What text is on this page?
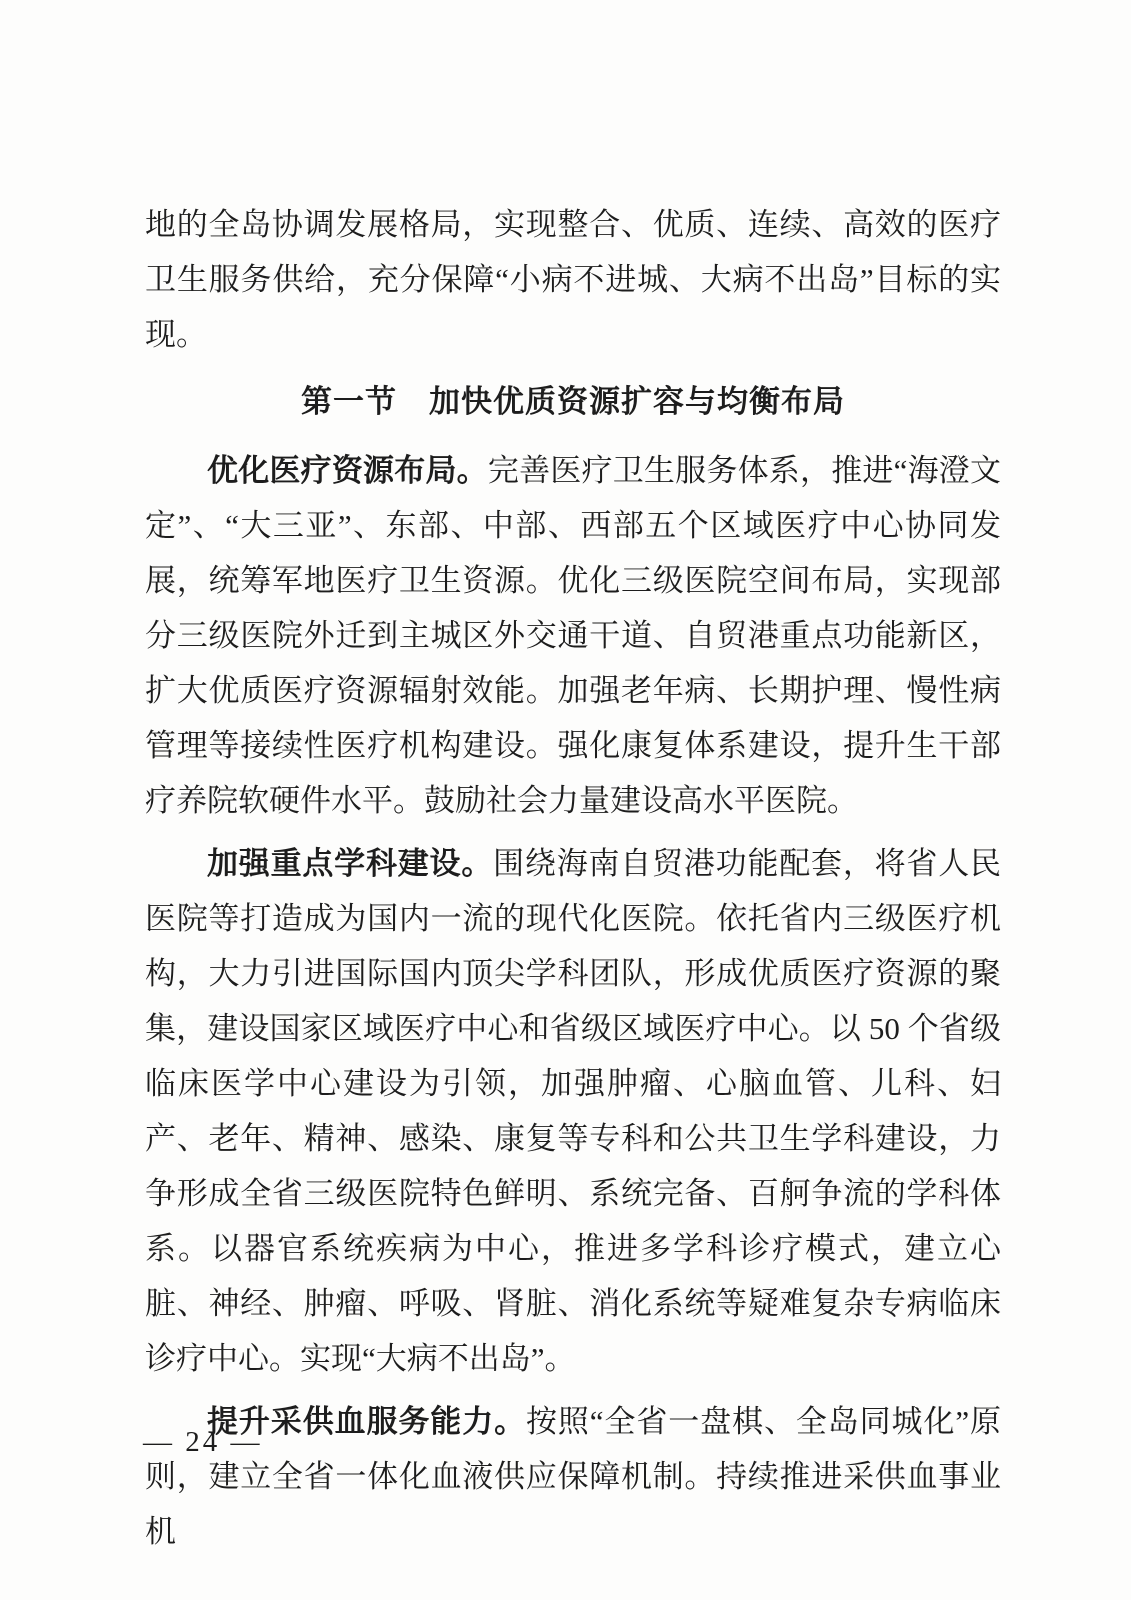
地的全岛协调发展格局，实现整合、优质、连续、高效的医疗卫生服务供给，充分保障“小病不进城、大病不出岛”目标的实现。

第一节　加快优质资源扩容与均衡布局

优化医疗资源布局。完善医疗卫生服务体系，推进“海澄文定”、“大三亚”、东部、中部、西部五个区域医疗中心协同发展，统筹军地医疗卫生资源。优化三级医院空间布局，实现部分三级医院外迁到主城区外交通干道、自贸港重点功能新区，扩大优质医疗资源辐射效能。加强老年病、长期护理、慢性病管理等接续性医疗机构建设。强化康复体系建设，提升生干部疗养院软硬件水平。鼓励社会力量建设高水平医院。

加强重点学科建设。围绕海南自贸港功能配套，将省人民医院等打造成为国内一流的现代化医院。依托省内三级医疗机构，大力引进国际国内顶尖学科团队，形成优质医疗资源的聚集，建设国家区域医疗中心和省级区域医疗中心。以 50 个省级临床医学中心建设为引领，加强肿瘤、心脑血管、儿科、妇产、老年、精神、感染、康复等专科和公共卫生学科建设，力争形成全省三级医院特色鲜明、系统完备、百舸争流的学科体系。以器官系统疾病为中心，推进多学科诊疗模式，建立心脏、神经、肿瘤、呼吸、肾脏、消化系统等疑难复杂专病临床诊疗中心。实现“大病不出岛”。

提升采供血服务能力。按照“全省一盘棋、全岛同城化”原则，建立全省一体化血液供应保障机制。持续推进采供血事业机

— 24 —
